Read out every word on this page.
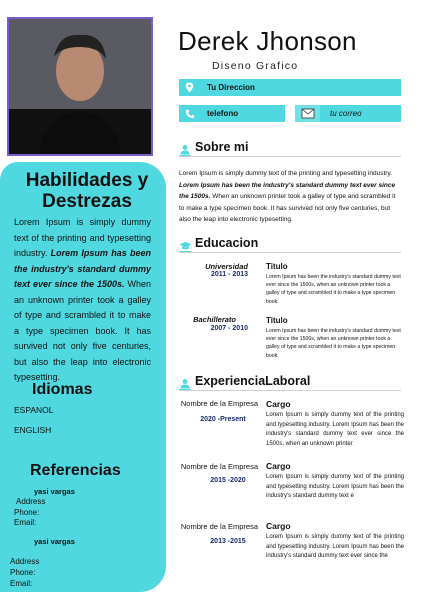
Habilidades y Destrezas
Lorem Ipsum is simply dummy text of the printing and typesetting industry. Lorem Ipsum has been the industry's standard dummy text ever since the 1500s. When an unknown printer took a galley of type and scrambled it to make a type specimen book. It has survived not only five centuries, but also the leap into electronic typesetting.
Idiomas
ESPANOL
ENGLISH
Referencias
yasi vargas
Address
Phone:
Email:
yasi vargas
Address
Phone:
Email:
Derek Jhonson
Diseno Grafico
Tu Direccion
telefono	tu correo
Sobre mi
Lorem Ipsum is simply dummy text of the printing and typesetting industry. Lorem Ipsum has been the industry's standard dummy text ever since the 1500s. When an unknown printer took a galley of type and scrambled it to make a type specimen book. It has survived not only five centuries, but also the leap into electronic typesetting.
Educacion
Universidad
2011 - 2013
Titulo
Lorem Ipsum has been the industry's standard dummy text ever since the 1500s, when an unknown printer took a galley of type and scrambled it to make a type specimen book.
Bachillerato
2007 - 2010
Titulo
Lorem Ipsum has been the industry's standard dummy text ever since the 1500s, when an unknown printer took a galley of type and scrambled it to make a type specimen book.
ExperienciaLaboral
Nombre de la Empresa
2020 -Present
Cargo
Lorem Ipsum is simply dummy text of the printing and typesetting industry. Lorem Ipsum has been the industry's standard dummy text ever since the 1500s, when an unknown printer
Nombre de la Empresa
2015 -2020
Cargo
Lorem Ipsum is simply dummy text of the printing and typesetting industry. Lorem Ipsum has been the industry's standard dummy text e
Nombre de la Empresa
2013 -2015
Cargo
Lorem Ipsum is simply dummy text of the printing and typesetting industry. Lorem Ipsum has been the industry's standard dummy text ever since the
